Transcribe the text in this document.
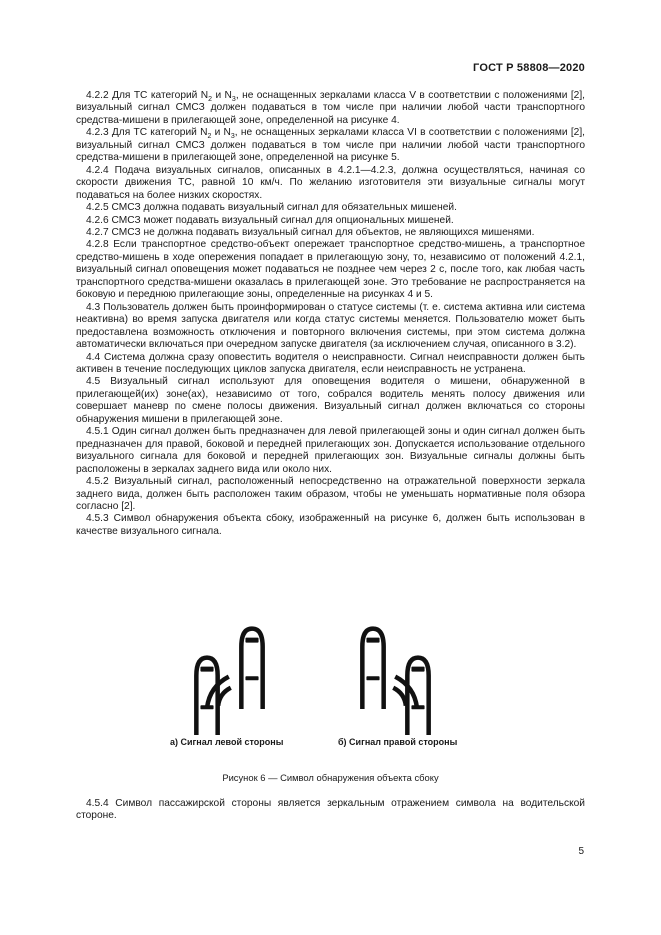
ГОСТ Р 58808—2020

4.2.2 Для ТС категорий $N_2$ и $N_3$, не оснащенных зеркалами класса V в соответствии с положениями [2], визуальный сигнал СМСЗ должен подаваться в том числе при наличии любой части транспортного средства-мишени в прилегающей зоне, определенной на рисунке 4.

4.2.3 Для ТС категорий $N_2$ и $N_3$, не оснащенных зеркалами класса VI в соответствии с положениями [2], визуальный сигнал СМСЗ должен подаваться в том числе при наличии любой части транспортного средства-мишени в прилегающей зоне, определенной на рисунке 5.

4.2.4 Подача визуальных сигналов, описанных в 4.2.1—4.2.3, должна осуществляться, начиная со скорости движения ТС, равной 10 км/ч. По желанию изготовителя эти визуальные сигналы могут подаваться на более низких скоростях.

4.2.5 СМСЗ должна подавать визуальный сигнал для обязательных мишеней.

4.2.6 СМСЗ может подавать визуальный сигнал для опциональных мишеней.

4.2.7 СМСЗ не должна подавать визуальный сигнал для объектов, не являющихся мишенями.

4.2.8 Если транспортное средство-объект опережает транспортное средство-мишень, а транспортное средство-мишень в ходе опережения попадает в прилегающую зону, то, независимо от положений 4.2.1, визуальный сигнал оповещения может подаваться не позднее чем через 2 с, после того, как любая часть транспортного средства-мишени оказалась в прилегающей зоне. Это требование не распространяется на боковую и переднюю прилегающие зоны, определенные на рисунках 4 и 5.

4.3 Пользователь должен быть проинформирован о статусе системы (т. е. система активна или система неактивна) во время запуска двигателя или когда статус системы меняется. Пользователю может быть предоставлена возможность отключения и повторного включения системы, при этом система должна автоматически включаться при очередном запуске двигателя (за исключением случая, описанного в 3.2).

4.4 Система должна сразу оповестить водителя о неисправности. Сигнал неисправности должен быть активен в течение последующих циклов запуска двигателя, если неисправность не устранена.

4.5 Визуальный сигнал используют для оповещения водителя о мишени, обнаруженной в прилегающей(их) зоне(ах), независимо от того, собрался водитель менять полосу движения или совершает маневр по смене полосы движения. Визуальный сигнал должен включаться со стороны обнаружения мишени в прилегающей зоне.

4.5.1 Один сигнал должен быть предназначен для левой прилегающей зоны и один сигнал должен быть предназначен для правой, боковой и передней прилегающих зон. Допускается использование отдельного визуального сигнала для боковой и передней прилегающих зон. Визуальные сигналы должны быть расположены в зеркалах заднего вида или около них.

4.5.2 Визуальный сигнал, расположенный непосредственно на отражательной поверхности зеркала заднего вида, должен быть расположен таким образом, чтобы не уменьшать нормативные поля обзора согласно [2].

4.5.3 Символ обнаружения объекта сбоку, изображенный на рисунке 6, должен быть использован в качестве визуального сигнала.

а) Сигнал левой стороны	б) Сигнал правой стороны
Рисунок 6 — Символ обнаружения объекта сбоку

4.5.4 Символ пассажирской стороны является зеркальным отражением символа на водительской стороне.

5
